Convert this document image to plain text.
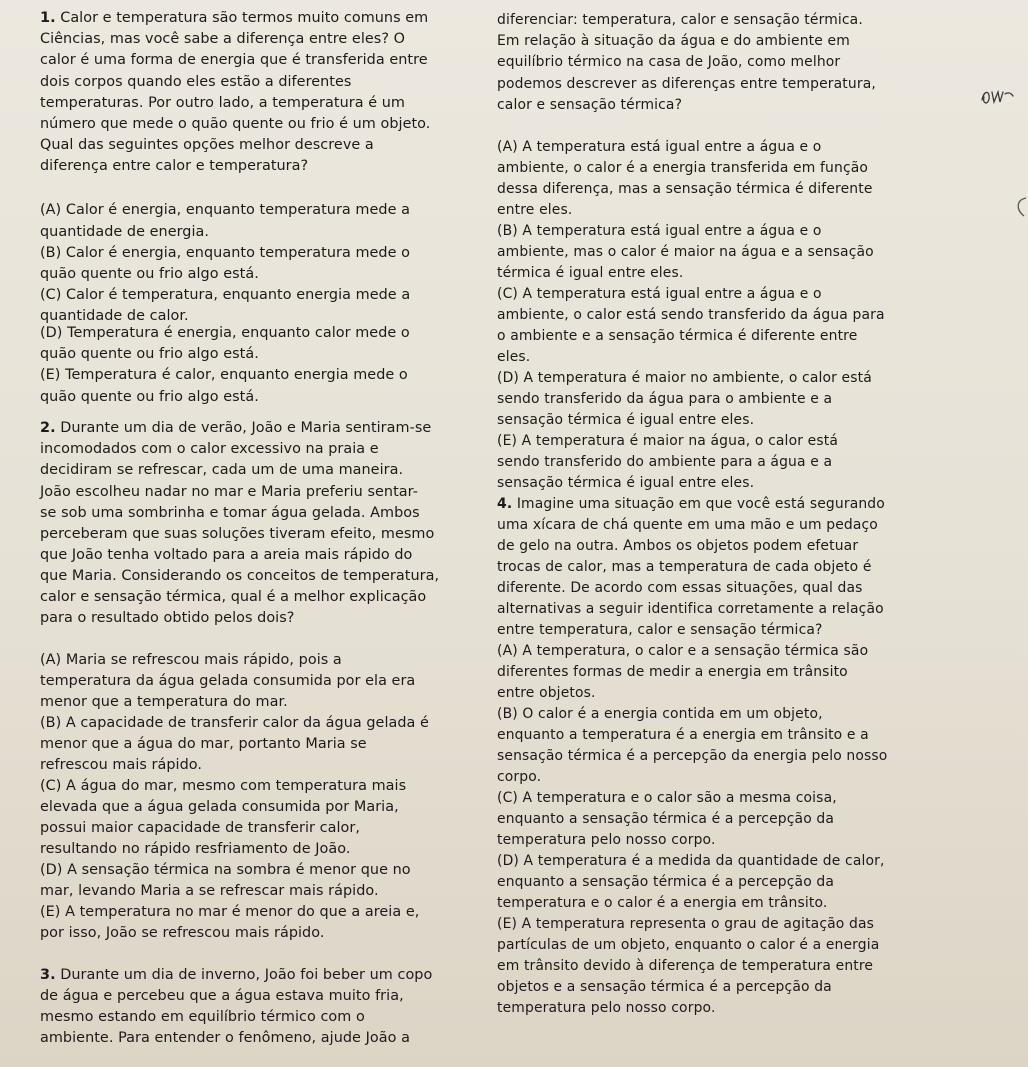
1. Calor e temperatura são termos muito comuns em
Ciências, mas você sabe a diferença entre eles? O
calor é uma forma de energia que é transferida entre
dois corpos quando eles estão a diferentes
temperaturas. Por outro lado, a temperatura é um
número que mede o quão quente ou frio é um objeto.
Qual das seguintes opções melhor descreve a
diferença entre calor e temperatura?
(A) Calor é energia, enquanto temperatura mede a
quantidade de energia.
(B) Calor é energia, enquanto temperatura mede o
quão quente ou frio algo está.
(C) Calor é temperatura, enquanto energia mede a
quantidade de calor.
(D) Temperatura é energia, enquanto calor mede o
quão quente ou frio algo está.
(E) Temperatura é calor, enquanto energia mede o
quão quente ou frio algo está.
2. Durante um dia de verão, João e Maria sentiram-se
incomodados com o calor excessivo na praia e
decidiram se refrescar, cada um de uma maneira.
João escolheu nadar no mar e Maria preferiu sentar-
se sob uma sombrinha e tomar água gelada. Ambos
perceberam que suas soluções tiveram efeito, mesmo
que João tenha voltado para a areia mais rápido do
que Maria. Considerando os conceitos de temperatura,
calor e sensação térmica, qual é a melhor explicação
para o resultado obtido pelos dois?
(A) Maria se refrescou mais rápido, pois a
temperatura da água gelada consumida por ela era
menor que a temperatura do mar.
(B) A capacidade de transferir calor da água gelada é
menor que a água do mar, portanto Maria se
refrescou mais rápido.
(C) A água do mar, mesmo com temperatura mais
elevada que a água gelada consumida por Maria,
possui maior capacidade de transferir calor,
resultando no rápido resfriamento de João.
(D) A sensação térmica na sombra é menor que no
mar, levando Maria a se refrescar mais rápido.
(E) A temperatura no mar é menor do que a areia e,
por isso, João se refrescou mais rápido.
3. Durante um dia de inverno, João foi beber um copo
de água e percebeu que a água estava muito fria,
mesmo estando em equilíbrio térmico com o
ambiente. Para entender o fenômeno, ajude João a
diferenciar: temperatura, calor e sensação térmica.
Em relação à situação da água e do ambiente em
equilíbrio térmico na casa de João, como melhor
podemos descrever as diferenças entre temperatura,
calor e sensação térmica?
(A) A temperatura está igual entre a água e o
ambiente, o calor é a energia transferida em função
dessa diferença, mas a sensação térmica é diferente
entre eles.
(B) A temperatura está igual entre a água e o
ambiente, mas o calor é maior na água e a sensação
térmica é igual entre eles.
(C) A temperatura está igual entre a água e o
ambiente, o calor está sendo transferido da água para
o ambiente e a sensação térmica é diferente entre
eles.
(D) A temperatura é maior no ambiente, o calor está
sendo transferido da água para o ambiente e a
sensação térmica é igual entre eles.
(E) A temperatura é maior na água, o calor está
sendo transferido do ambiente para a água e a
sensação térmica é igual entre eles.
4. Imagine uma situação em que você está segurando
uma xícara de chá quente em uma mão e um pedaço
de gelo na outra. Ambos os objetos podem efetuar
trocas de calor, mas a temperatura de cada objeto é
diferente. De acordo com essas situações, qual das
alternativas a seguir identifica corretamente a relação
entre temperatura, calor e sensação térmica?
(A) A temperatura, o calor e a sensação térmica são
diferentes formas de medir a energia em trânsito
entre objetos.
(B) O calor é a energia contida em um objeto,
enquanto a temperatura é a energia em trânsito e a
sensação térmica é a percepção da energia pelo nosso
corpo.
(C) A temperatura e o calor são a mesma coisa,
enquanto a sensação térmica é a percepção da
temperatura pelo nosso corpo.
(D) A temperatura é a medida da quantidade de calor,
enquanto a sensação térmica é a percepção da
temperatura e o calor é a energia em trânsito.
(E) A temperatura representa o grau de agitação das
partículas de um objeto, enquanto o calor é a energia
em trânsito devido à diferença de temperatura entre
objetos e a sensação térmica é a percepção da
temperatura pelo nosso corpo.
